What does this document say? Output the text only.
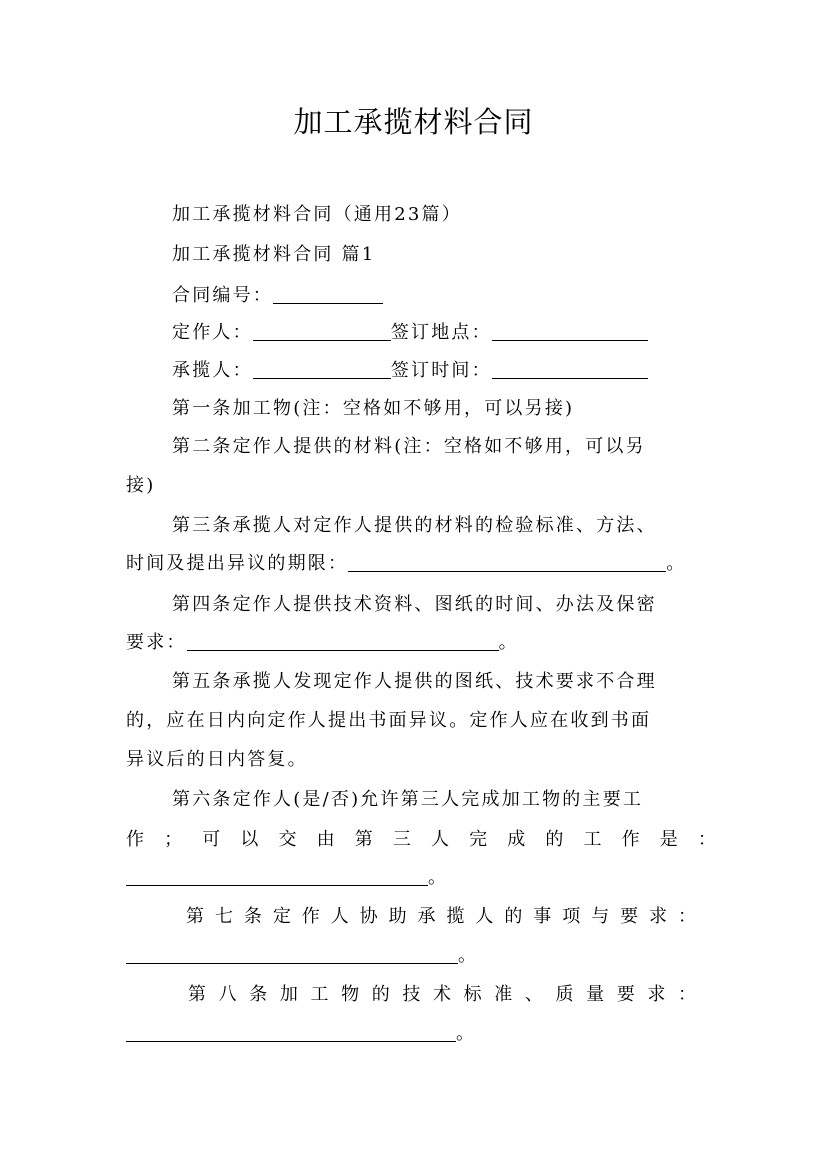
加工承揽材料合同
加工承揽材料合同（通用23篇）
加工承揽材料合同 篇1
合同编号：
定作人：	签订地点：
承揽人：	签订时间：
第一条加工物(注：空格如不够用，可以另接)
第二条定作人提供的材料(注：空格如不够用，可以另
接)
第三条承揽人对定作人提供的材料的检验标准、方法、
时间及提出异议的期限：	。
第四条定作人提供技术资料、图纸的时间、办法及保密
要求：	。
第五条承揽人发现定作人提供的图纸、技术要求不合理
的，应在日内向定作人提出书面异议。定作人应在收到书面
异议后的日内答复。
第六条定作人(是/否)允许第三人完成加工物的主要工
作 ； 可 以 交 由 第 三 人 完 成 的 工 作 是 ：
。
第 七 条 定 作 人 协 助 承 揽 人 的 事 项 与 要 求 ：
。
第 八 条 加 工 物 的 技 术 标 准 、 质 量 要 求 ：
。
